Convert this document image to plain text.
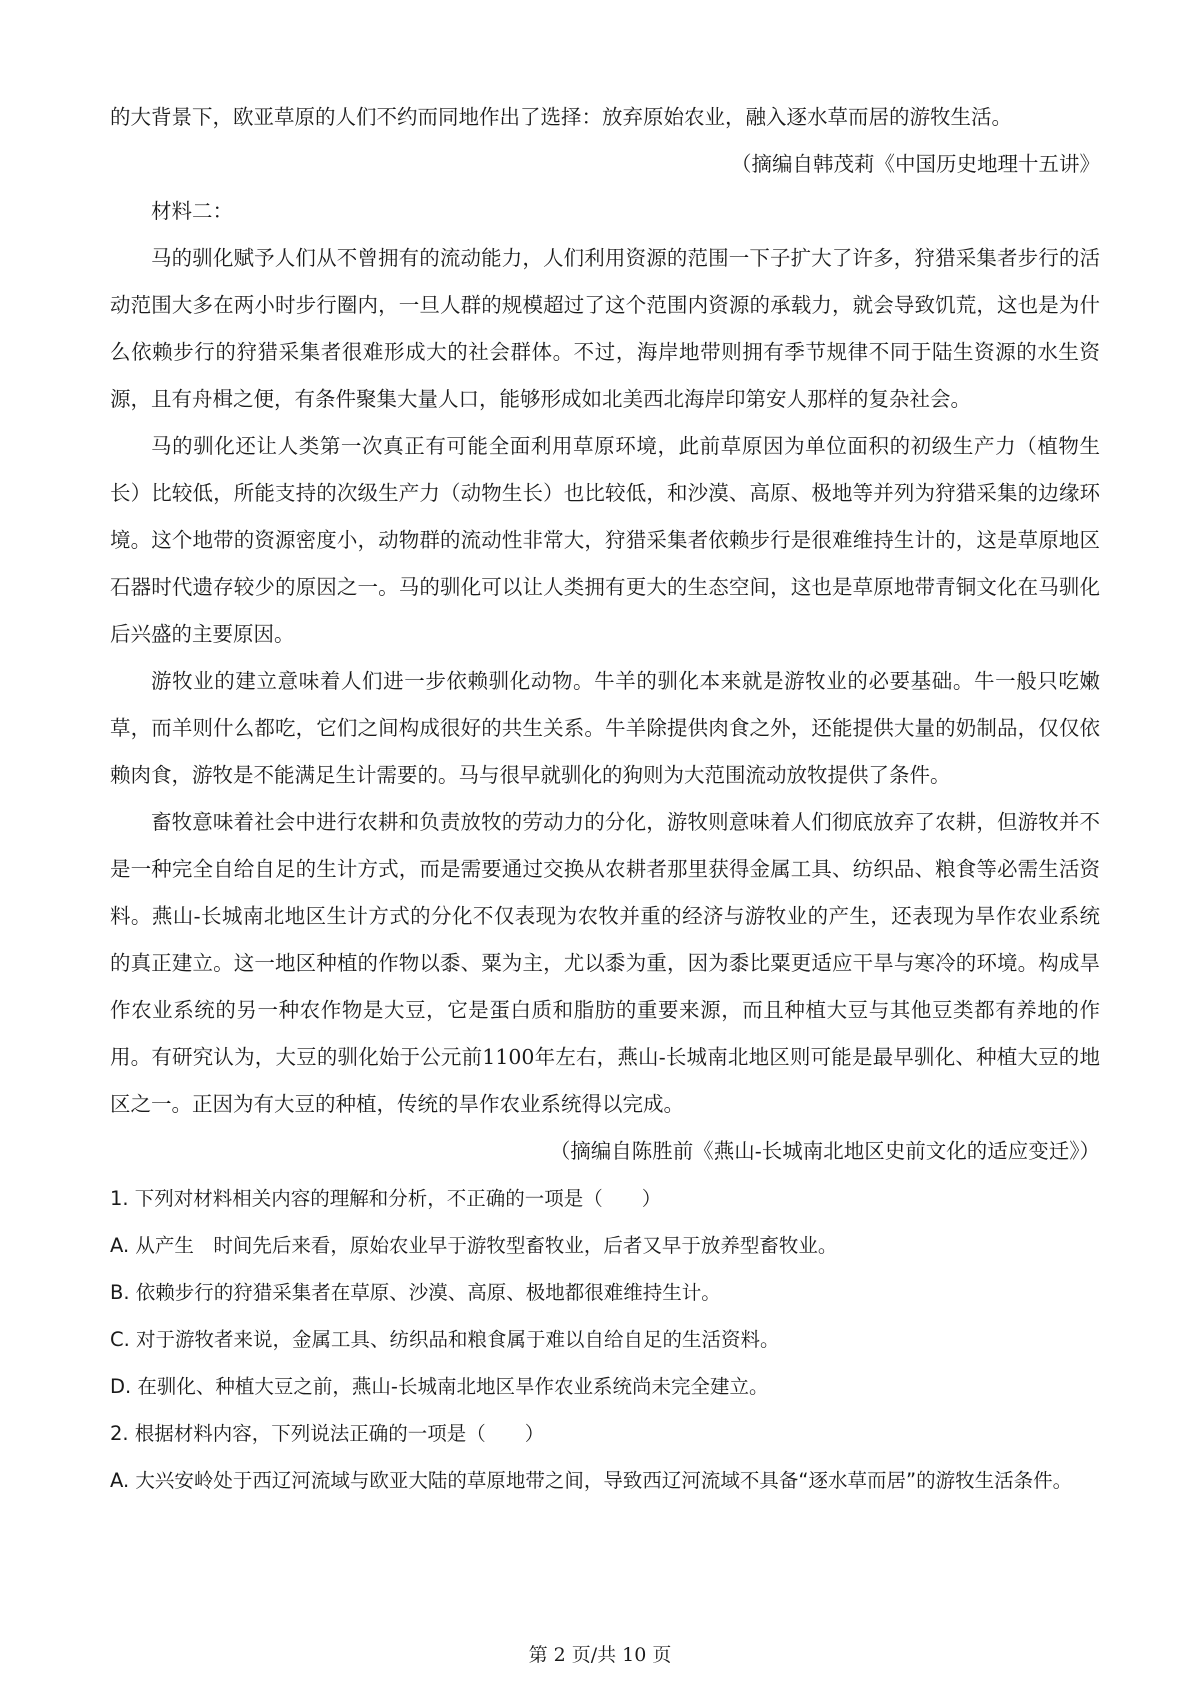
的大背景下，欧亚草原的人们不约而同地作出了选择：放弃原始农业，融入逐水草而居的游牧生活。

（摘编自韩茂莉《中国历史地理十五讲》

材料二：

马的驯化赋予人们从不曾拥有的流动能力，人们利用资源的范围一下子扩大了许多，狩猎采集者步行的活动范围大多在两小时步行圈内，一旦人群的规模超过了这个范围内资源的承载力，就会导致饥荒，这也是为什么依赖步行的狩猎采集者很难形成大的社会群体。不过，海岸地带则拥有季节规律不同于陆生资源的水生资源，且有舟楫之便，有条件聚集大量人口，能够形成如北美西北海岸印第安人那样的复杂社会。

马的驯化还让人类第一次真正有可能全面利用草原环境，此前草原因为单位面积的初级生产力（植物生长）比较低，所能支持的次级生产力（动物生长）也比较低，和沙漠、高原、极地等并列为狩猎采集的边缘环境。这个地带的资源密度小，动物群的流动性非常大，狩猎采集者依赖步行是很难维持生计的，这是草原地区石器时代遗存较少的原因之一。马的驯化可以让人类拥有更大的生态空间，这也是草原地带青铜文化在马驯化后兴盛的主要原因。

游牧业的建立意味着人们进一步依赖驯化动物。牛羊的驯化本来就是游牧业的必要基础。牛一般只吃嫩草，而羊则什么都吃，它们之间构成很好的共生关系。牛羊除提供肉食之外，还能提供大量的奶制品，仅仅依赖肉食，游牧是不能满足生计需要的。马与很早就驯化的狗则为大范围流动放牧提供了条件。

畜牧意味着社会中进行农耕和负责放牧的劳动力的分化，游牧则意味着人们彻底放弃了农耕，但游牧并不是一种完全自给自足的生计方式，而是需要通过交换从农耕者那里获得金属工具、纺织品、粮食等必需生活资料。燕山-长城南北地区生计方式的分化不仅表现为农牧并重的经济与游牧业的产生，还表现为旱作农业系统的真正建立。这一地区种植的作物以黍、粟为主，尤以黍为重，因为黍比粟更适应干旱与寒冷的环境。构成旱作农业系统的另一种农作物是大豆，它是蛋白质和脂肪的重要来源，而且种植大豆与其他豆类都有养地的作用。有研究认为，大豆的驯化始于公元前1100年左右，燕山-长城南北地区则可能是最早驯化、种植大豆的地区之一。正因为有大豆的种植，传统的旱作农业系统得以完成。

（摘编自陈胜前《燕山-长城南北地区史前文化的适应变迁》）

1. 下列对材料相关内容的理解和分析，不正确的一项是（　　）

A. 从产生　时间先后来看，原始农业早于游牧型畜牧业，后者又早于放养型畜牧业。

B. 依赖步行的狩猎采集者在草原、沙漠、高原、极地都很难维持生计。

C. 对于游牧者来说，金属工具、纺织品和粮食属于难以自给自足的生活资料。

D. 在驯化、种植大豆之前，燕山-长城南北地区旱作农业系统尚未完全建立。

2. 根据材料内容，下列说法正确的一项是（　　）

A. 大兴安岭处于西辽河流域与欧亚大陆的草原地带之间，导致西辽河流域不具备“逐水草而居”的游牧生活条件。

第 2 页/共 10 页
